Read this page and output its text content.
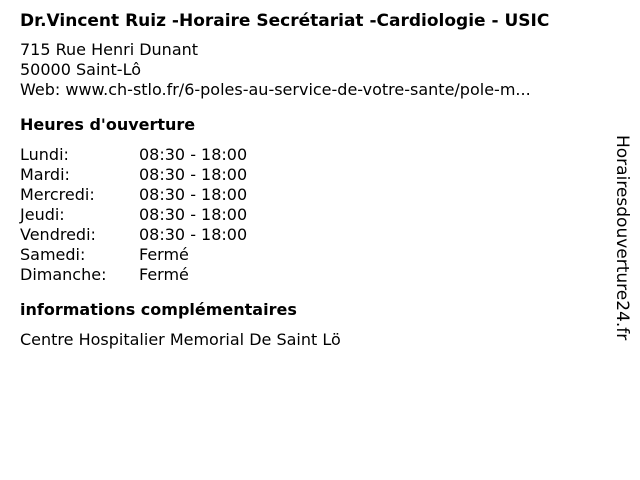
Dr.Vincent Ruiz -Horaire Secrétariat -Cardiologie - USIC
715 Rue Henri Dunant
50000 Saint-Lô
Web: www.ch-stlo.fr/6-poles-au-service-de-votre-sante/pole-m...
Heures d'ouverture
Lundi:	08:30 - 18:00
Mardi:	08:30 - 18:00
Mercredi:	08:30 - 18:00
Jeudi:	08:30 - 18:00
Vendredi:	08:30 - 18:00
Samedi:	Fermé
Dimanche:	Fermé
informations complémentaires
Centre Hospitalier Memorial De Saint Lö	Horairesdouverture24.fr
